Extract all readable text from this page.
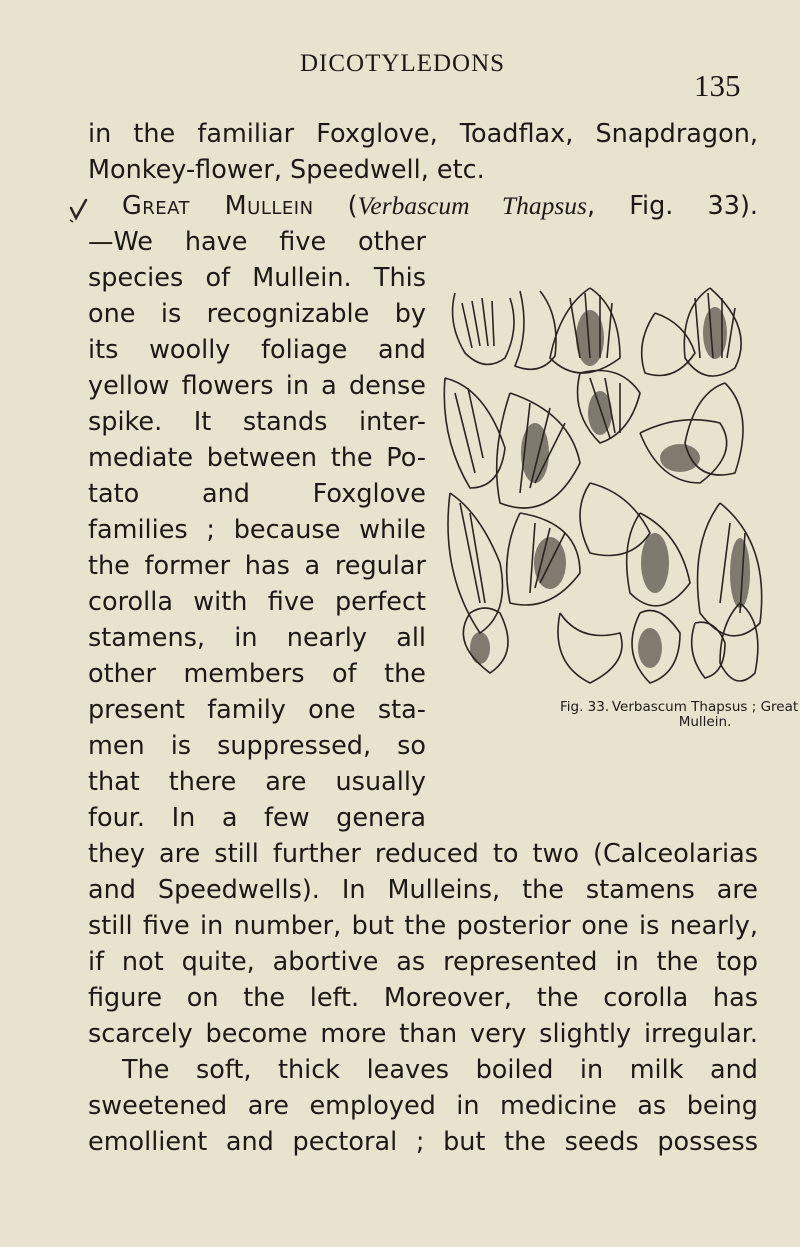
DICOTYLEDONS
135
in the familiar Foxglove, Toadflax, Snapdragon,
Monkey-flower, Speedwell, etc.
Great Mullein (Verbascum Thapsus, Fig. 33).
—We have five other
species of Mullein. This
one is recognizable by
its woolly foliage and
yellow flowers in a dense
spike. It stands inter-
mediate between the Po-
tato and Foxglove
families ; because while
the former has a regular
corolla with five perfect
stamens, in nearly all
other members of the
present family one sta-
men is suppressed, so
that there are usually
four. In a few genera
they are still further reduced to two (Calceolarias
and Speedwells). In Mulleins, the stamens are
still five in number, but the posterior one is nearly,
if not quite, abortive as represented in the top
figure on the left. Moreover, the corolla has
scarcely become more than very slightly irregular.
The soft, thick leaves boiled in milk and
sweetened are employed in medicine as being
emollient and pectoral ; but the seeds possess
Fig. 33. Verbascum Thapsus ; Great Mullein.
